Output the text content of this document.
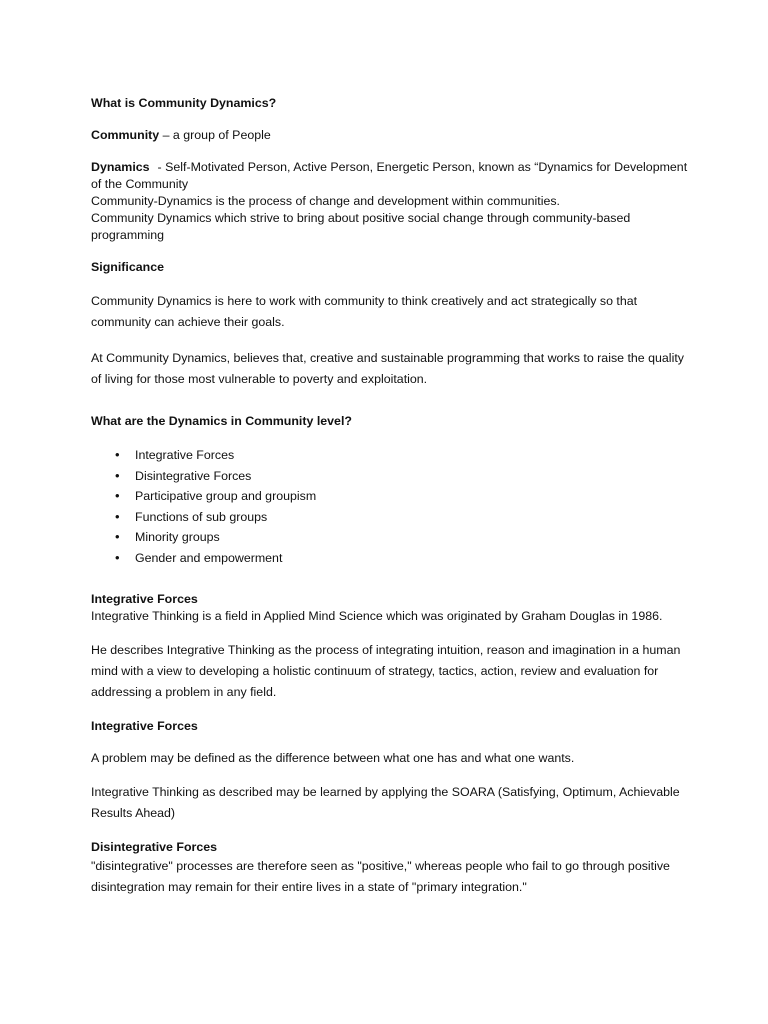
What is Community Dynamics?

Community – a group of People

Dynamics - Self-Motivated Person, Active Person, Energetic Person, known as “Dynamics for Development of the Community

Community-Dynamics is the process of change and development within communities.

Community Dynamics which strive to bring about positive social change through community-based programming

Significance

Community Dynamics is here to work with community to think creatively and act strategically so that community can achieve their goals.

At Community Dynamics, believes that, creative and sustainable programming that works to raise the quality of living for those most vulnerable to poverty and exploitation.

What are the Dynamics in Community level?

• Integrative Forces
• Disintegrative Forces
• Participative group and groupism
• Functions of sub groups
• Minority groups
• Gender and empowerment

Integrative Forces

Integrative Thinking is a field in Applied Mind Science which was originated by Graham Douglas in 1986.

He describes Integrative Thinking as the process of integrating intuition, reason and imagination in a human mind with a view to developing a holistic continuum of strategy, tactics, action, review and evaluation for addressing a problem in any field.

Integrative Forces

A problem may be defined as the difference between what one has and what one wants.

Integrative Thinking as described may be learned by applying the SOARA (Satisfying, Optimum, Achievable Results Ahead)

Disintegrative Forces

"disintegrative" processes are therefore seen as "positive," whereas people who fail to go through positive disintegration may remain for their entire lives in a state of "primary integration."
